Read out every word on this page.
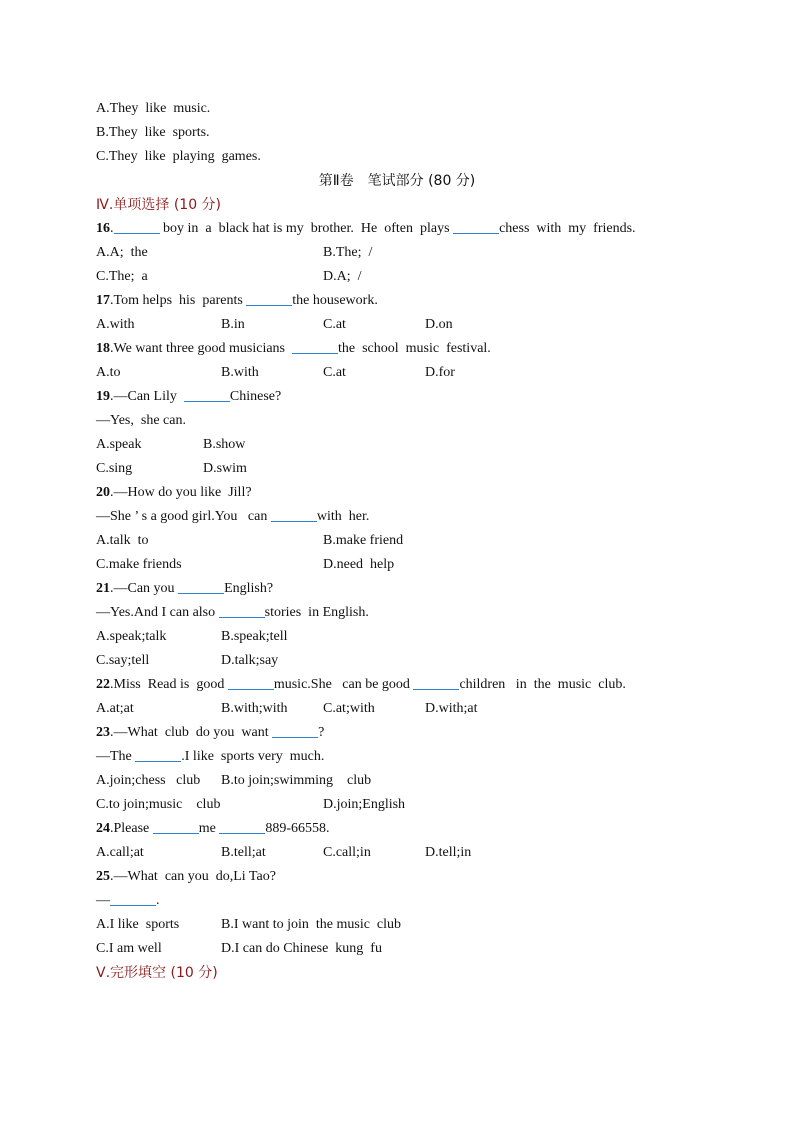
A.They  like  music.
B.They  like  sports.
C.They  like  playing  games.
第Ⅱ卷　笔试部分 (80 分)
Ⅳ.单项选择 (10 分)
16.	boy in  a  black hat is my  brother.  He  often  plays	chess  with  my  friends.
A.A;  the	B.The;  /
C.The;  a	D.A;  /
17.Tom helps  his  parents	the housework.
A.with	B.in	C.at	D.on
18.We want three good musicians	the  school  music  festival.
A.to	B.with	C.at	D.for
19.—Can Lily	Chinese?
—Yes,  she can.
A.speak	B.show
C.sing	D.swim
20.—How do you like  Jill?
—She ’ s a good girl.You   can	with  her.
A.talk  to	B.make friend
C.make friends	D.need  help
21.—Can you	English?
—Yes.And I can also	stories  in English.
A.speak;talk	B.speak;tell
C.say;tell	D.talk;say
22.Miss  Read is  good	music.She   can be good	children   in  the  music  club.
A.at;at	B.with;with	C.at;with	D.with;at
23.—What  club  do you  want	?
—The	.I like  sports very  much.
A.join;chess   club B.to join;swimming    club
C.to join;music    club	D.join;English
24.Please	me	889-66558.
A.call;at	B.tell;at	C.call;in	D.tell;in
25.—What  can you  do,Li Tao?
—	.
A.I like  sports	B.I want to join  the music  club
C.I am well	D.I can do Chinese  kung  fu
Ⅴ.完形填空 (10 分)
